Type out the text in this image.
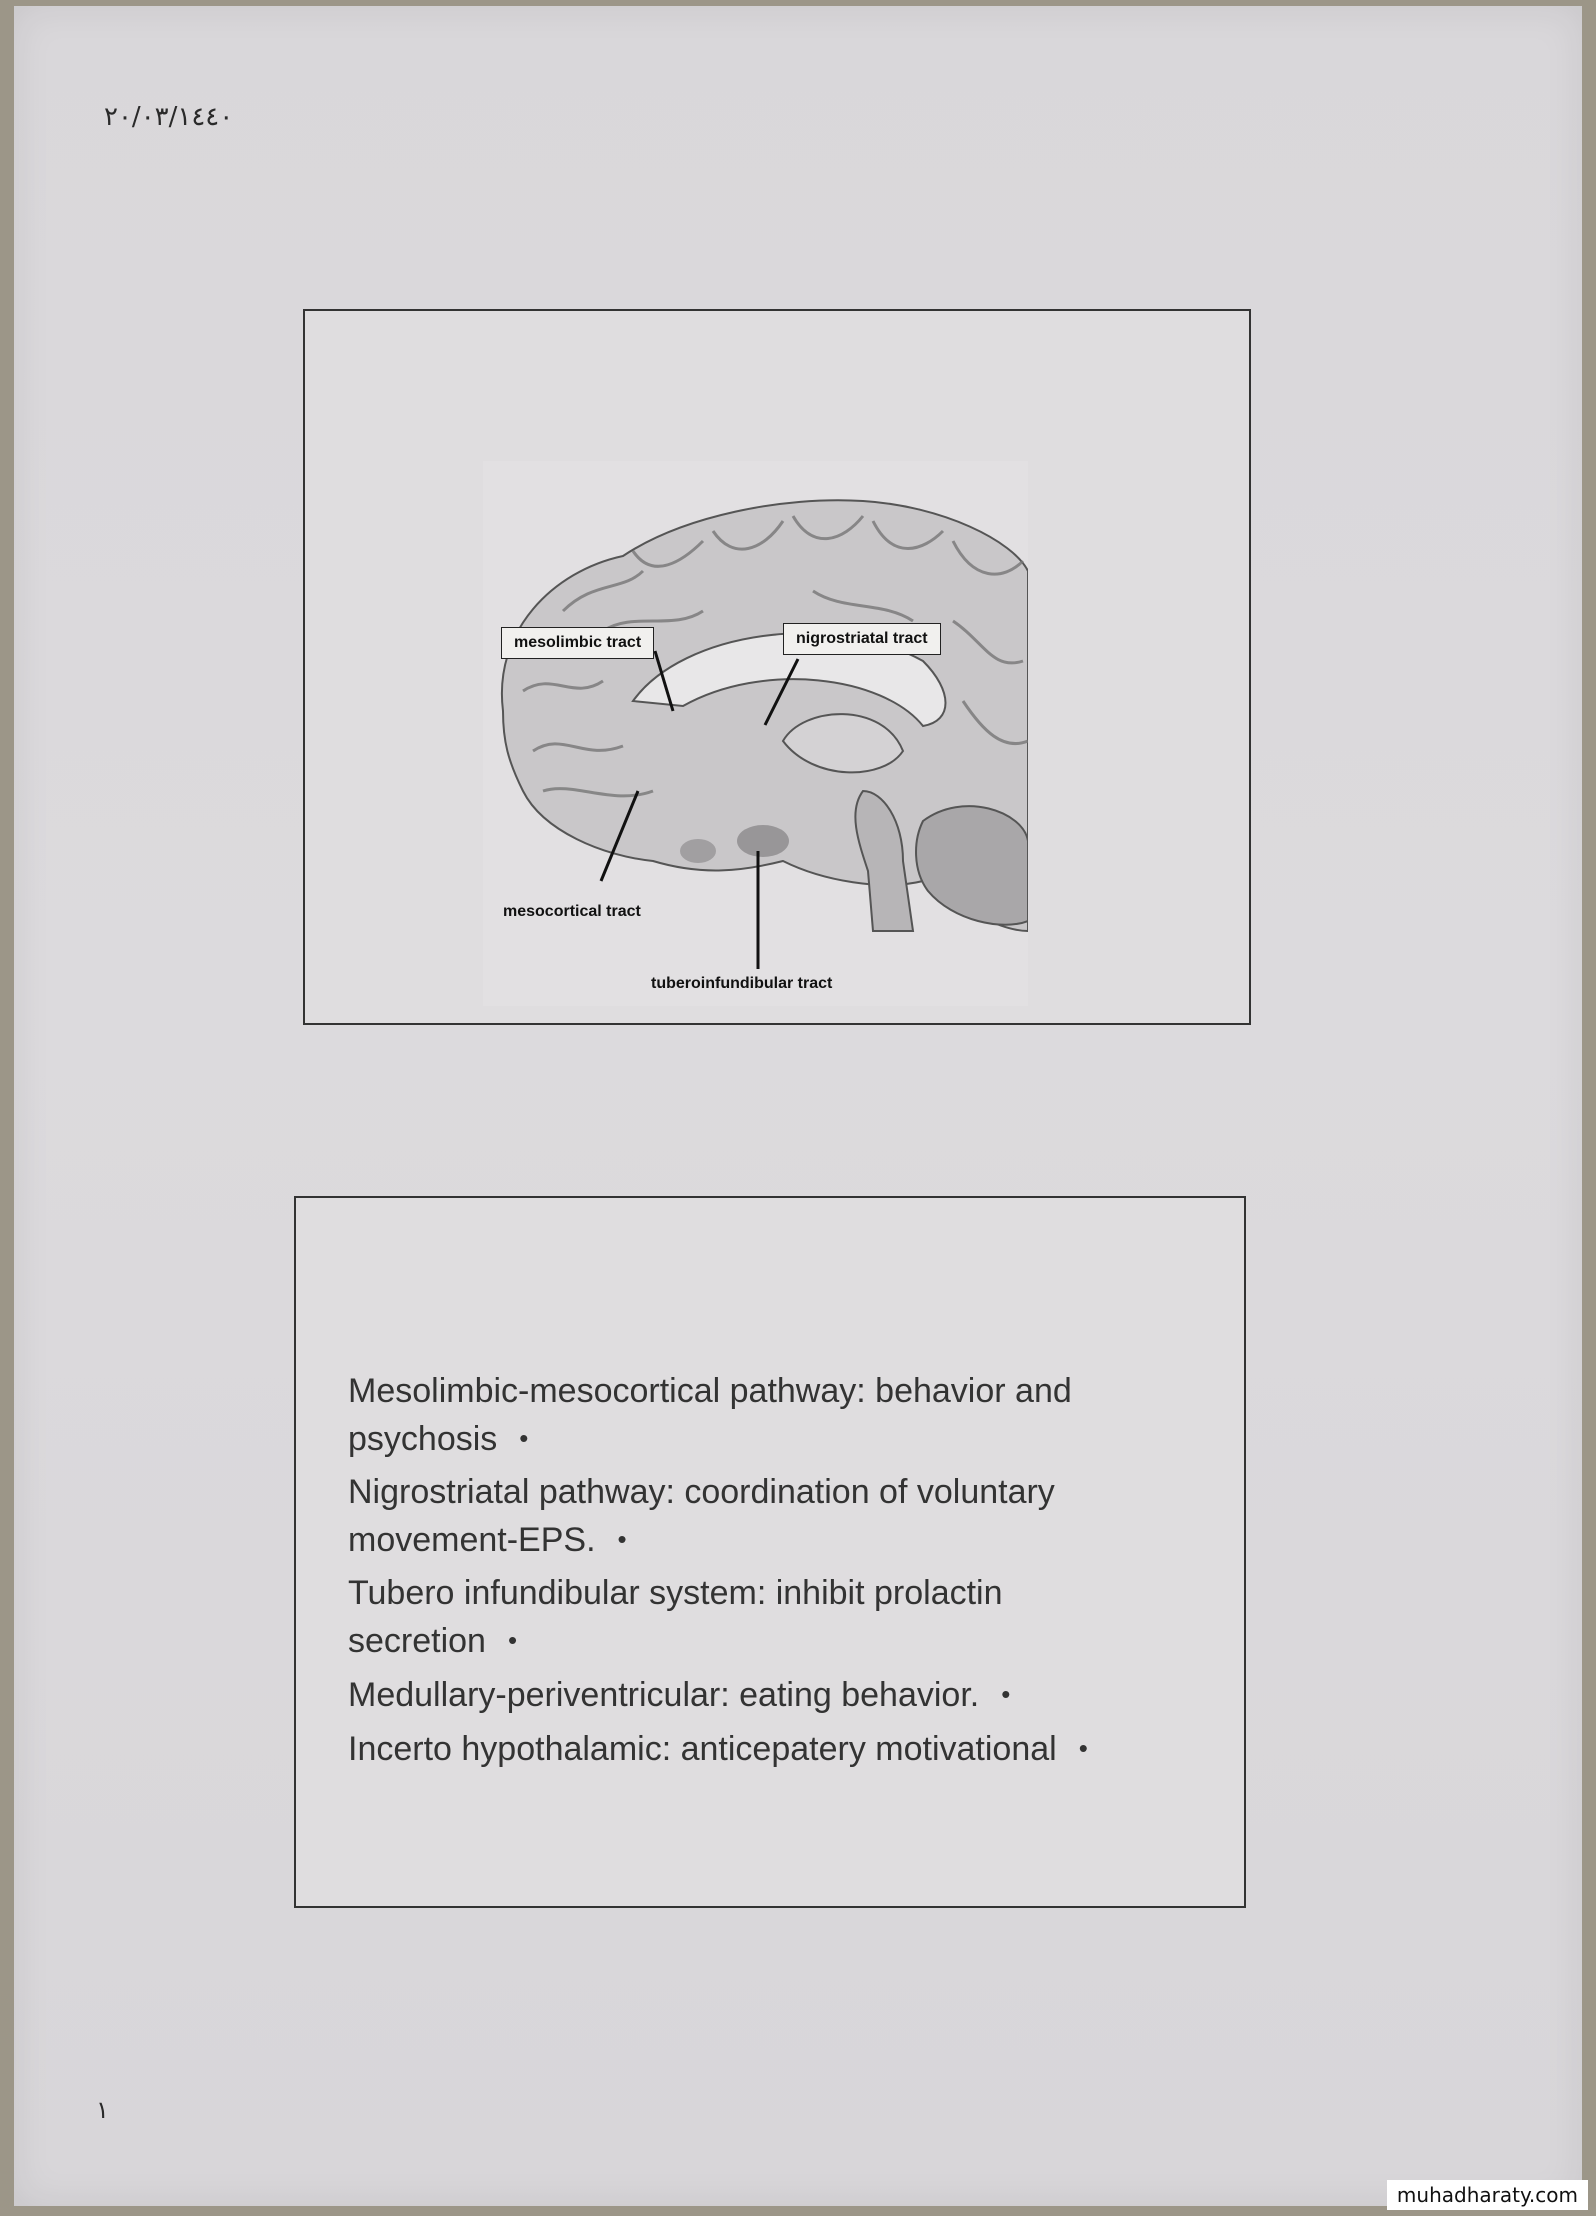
٢٠/٠٣/١٤٤٠
mesolimbic tract	nigrostriatal tract
mesocortical tract
tuberoinfundibular tract
Mesolimbic-mesocortical pathway: behavior and psychosis •
Nigrostriatal pathway: coordination of voluntary movement-EPS. •
Tubero infundibular system: inhibit prolactin secretion •
Medullary-periventricular: eating behavior. •
Incerto hypothalamic: anticepatery motivational •
١
muhadharaty.com
